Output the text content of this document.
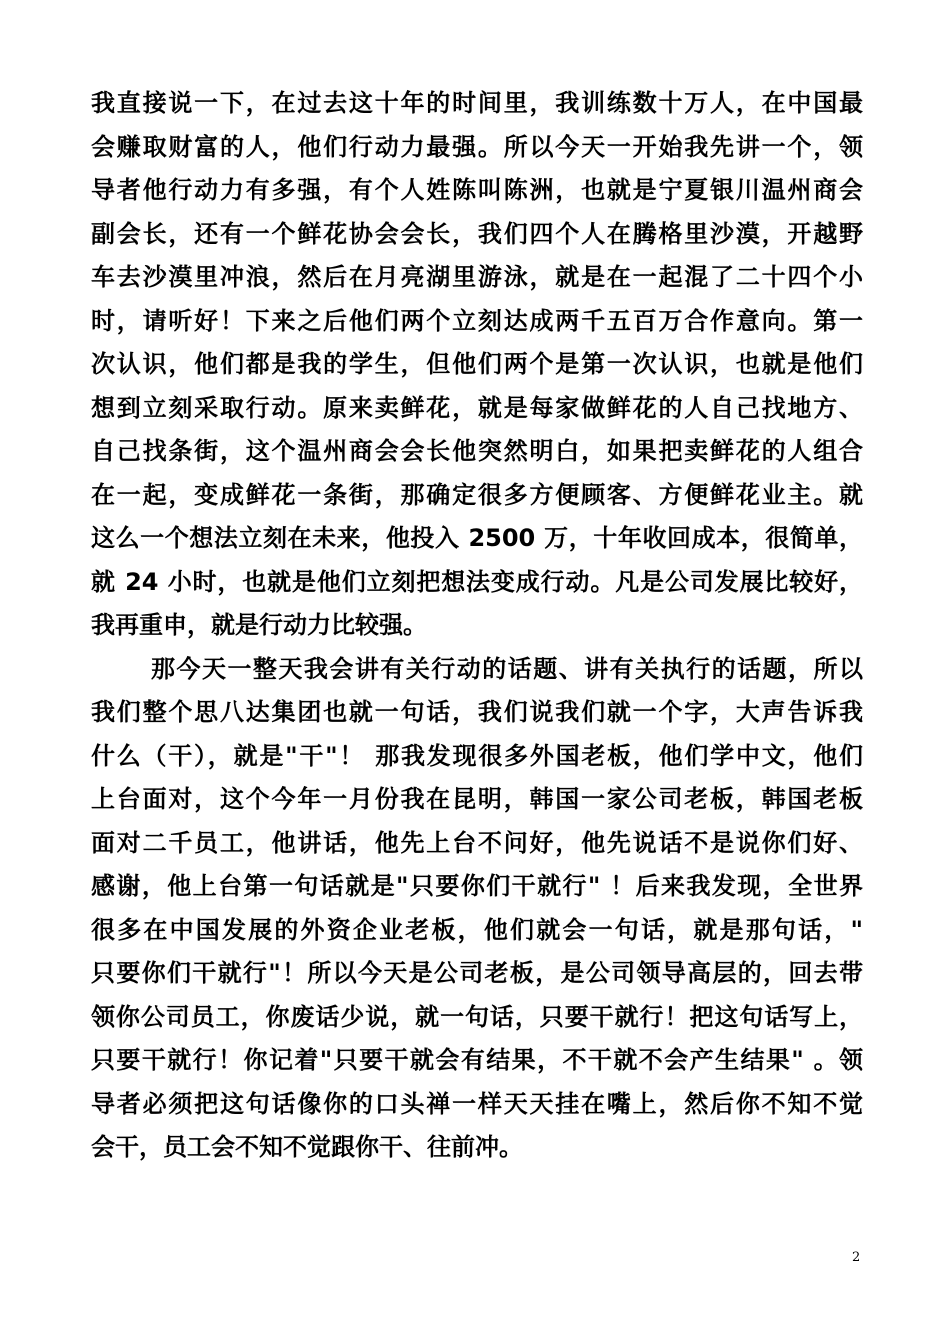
我直接说一下，在过去这十年的时间里，我训练数十万人，在中国最
会赚取财富的人，他们行动力最强。所以今天一开始我先讲一个，领
导者他行动力有多强，有个人姓陈叫陈洲，也就是宁夏银川温州商会
副会长，还有一个鲜花协会会长，我们四个人在腾格里沙漠，开越野
车去沙漠里冲浪，然后在月亮湖里游泳，就是在一起混了二十四个小
时，请听好！下来之后他们两个立刻达成两千五百万合作意向。第一
次认识，他们都是我的学生，但他们两个是第一次认识，也就是他们
想到立刻采取行动。原来卖鲜花，就是每家做鲜花的人自己找地方、
自己找条街，这个温州商会会长他突然明白，如果把卖鲜花的人组合
在一起，变成鲜花一条街，那确定很多方便顾客、方便鲜花业主。就
这么一个想法立刻在未来，他投入 2500 万，十年收回成本，很简单，
就 24 小时，也就是他们立刻把想法变成行动。凡是公司发展比较好，
我再重申，就是行动力比较强。
那今天一整天我会讲有关行动的话题、讲有关执行的话题，所以
我们整个思八达集团也就一句话，我们说我们就一个字，大声告诉我
什么（干），就是"干"！ 那我发现很多外国老板，他们学中文，他们
上台面对，这个今年一月份我在昆明，韩国一家公司老板，韩国老板
面对二千员工，他讲话，他先上台不问好，他先说话不是说你们好、
感谢，他上台第一句话就是"只要你们干就行" ！后来我发现，全世界
很多在中国发展的外资企业老板，他们就会一句话，就是那句话，"
只要你们干就行"！所以今天是公司老板，是公司领导高层的，回去带
领你公司员工，你废话少说，就一句话，只要干就行！把这句话写上，
只要干就行！你记着"只要干就会有结果，不干就不会产生结果" 。领
导者必须把这句话像你的口头禅一样天天挂在嘴上，然后你不知不觉
会干，员工会不知不觉跟你干、往前冲。
2
